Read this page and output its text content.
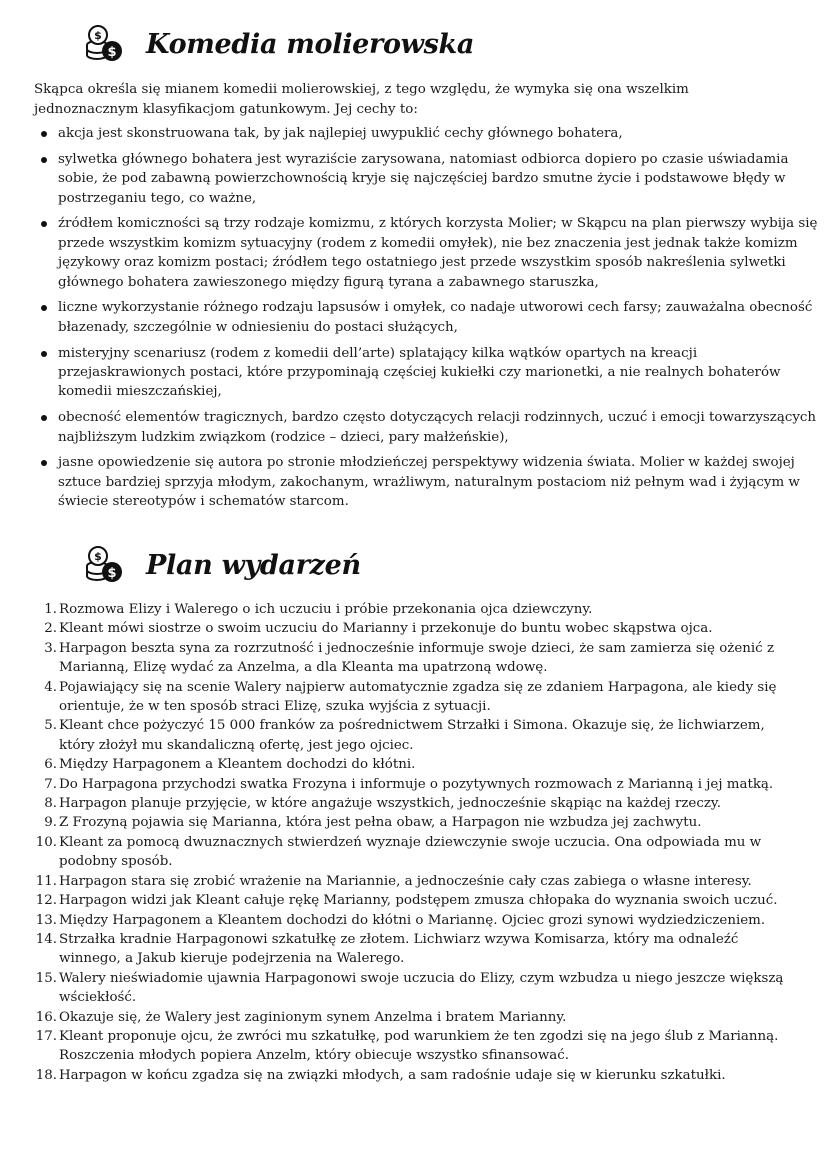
$
$ Komedia molierowska

Skąpca określa się mianem komedii molierowskiej, z tego względu, że wymyka się ona wszelkim jednoznacznym klasyfikacjom gatunkowym. Jej cechy to:

akcja jest skonstruowana tak, by jak najlepiej uwypuklić cechy głównego bohatera,
sylwetka głównego bohatera jest wyraziście zarysowana, natomiast odbiorca dopiero po czasie uświadamia sobie, że pod zabawną powierzchownością kryje się najczęściej bardzo smutne życie i podstawowe błędy w postrzeganiu tego, co ważne,
źródłem komiczności są trzy rodzaje komizmu, z których korzysta Molier; w Skąpcu na plan pierwszy wybija się przede wszystkim komizm sytuacyjny (rodem z komedii omyłek), nie bez znaczenia jest jednak także komizm językowy oraz komizm postaci; źródłem tego ostatniego jest przede wszystkim sposób nakreślenia sylwetki głównego bohatera zawieszonego między figurą tyrana a zabawnego staruszka,
liczne wykorzystanie różnego rodzaju lapsusów i omyłek, co nadaje utworowi cech farsy; zauważalna obecność błazenady, szczególnie w odniesieniu do postaci służących,
misteryjny scenariusz (rodem z komedii dell’arte) splatający kilka wątków opartych na kreacji przejaskrawionych postaci, które przypominają częściej kukiełki czy marionetki, a nie realnych bohaterów komedii mieszczańskiej,
obecność elementów tragicznych, bardzo często dotyczących relacji rodzinnych, uczuć i emocji towarzyszących najbliższym ludzkim związkom (rodzice – dzieci, pary małżeńskie),
jasne opowiedzenie się autora po stronie młodzieńczej perspektywy widzenia świata. Molier w każdej swojej sztuce bardziej sprzyja młodym, zakochanym, wrażliwym, naturalnym postaciom niż pełnym wad i żyjącym w świecie stereotypów i schematów starcom.
$
$ Plan wydarzeń
1. Rozmowa Elizy i Walerego o ich uczuciu i próbie przekonania ojca dziewczyny.
2. Kleant mówi siostrze o swoim uczuciu do Marianny i przekonuje do buntu wobec skąpstwa ojca.
3. Harpagon beszta syna za rozrzutność i jednocześnie informuje swoje dzieci, że sam zamierza się ożenić z Marianną, Elizę wydać za Anzelma, a dla Kleanta ma upatrzoną wdowę.
4. Pojawiający się na scenie Walery najpierw automatycznie zgadza się ze zdaniem Harpagona, ale kiedy się orientuje, że w ten sposób straci Elizę, szuka wyjścia z sytuacji.
5. Kleant chce pożyczyć 15 000 franków za pośrednictwem Strzałki i Simona. Okazuje się, że lichwiarzem, który złożył mu skandaliczną ofertę, jest jego ojciec.
6. Między Harpagonem a Kleantem dochodzi do kłótni.
7. Do Harpagona przychodzi swatka Frozyna i informuje o pozytywnych rozmowach z Marianną i jej matką.
8. Harpagon planuje przyjęcie, w które angażuje wszystkich, jednocześnie skąpiąc na każdej rzeczy.
9. Z Frozyną pojawia się Marianna, która jest pełna obaw, a Harpagon nie wzbudza jej zachwytu.
10. Kleant za pomocą dwuznacznych stwierdzeń wyznaje dziewczynie swoje uczucia. Ona odpowiada mu w podobny sposób.
11. Harpagon stara się zrobić wrażenie na Mariannie, a jednocześnie cały czas zabiega o własne interesy.
12. Harpagon widzi jak Kleant całuje rękę Marianny, podstępem zmusza chłopaka do wyznania swoich uczuć.
13. Między Harpagonem a Kleantem dochodzi do kłótni o Mariannę. Ojciec grozi synowi wydziedziczeniem.
14. Strzałka kradnie Harpagonowi szkatułkę ze złotem. Lichwiarz wzywa Komisarza, który ma odnaleźć winnego, a Jakub kieruje podejrzenia na Walerego.
15. Walery nieświadomie ujawnia Harpagonowi swoje uczucia do Elizy, czym wzbudza u niego jeszcze większą wściekłość.
16. Okazuje się, że Walery jest zaginionym synem Anzelma i bratem Marianny.
17. Kleant proponuje ojcu, że zwróci mu szkatułkę, pod warunkiem że ten zgodzi się na jego ślub z Marianną. Roszczenia młodych popiera Anzelm, który obiecuje wszystko sfinansować.
18. Harpagon w końcu zgadza się na związki młodych, a sam radośnie udaje się w kierunku szkatułki.
